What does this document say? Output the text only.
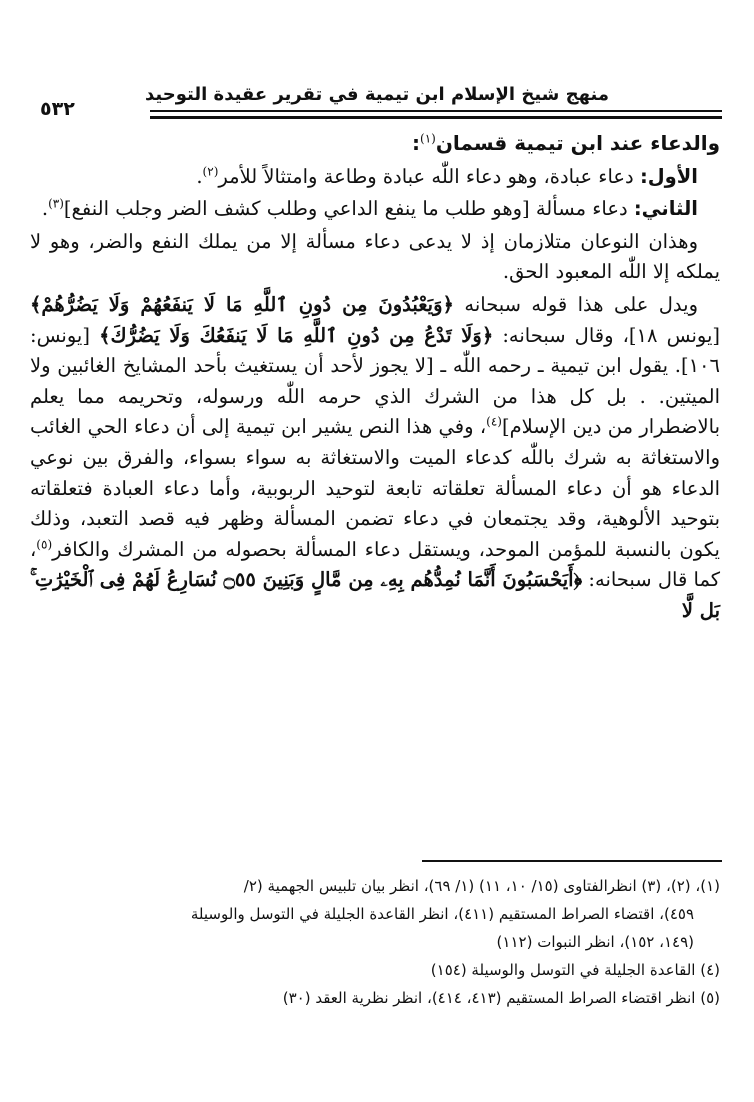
منهج شيخ الإسلام ابن تيمية في تقرير عقيدة التوحيد
٥٣٢

والدعاء عند ابن تيمية قسمان$^{(١)}$:

الأول: دعاء عبادة، وهو دعاء اللّٰه عبادة وطاعة وامتثالاً للأمر$^{(٢)}$.

الثاني: دعاء مسألة [وهو طلب ما ينفع الداعي وطلب كشف الضر وجلب النفع]$^{(٣)}$.

وهذان النوعان متلازمان إذ لا يدعى دعاء مسألة إلا من يملك النفع والضر، وهو لا يملكه إلا اللّٰه المعبود الحق.

ويدل على هذا قوله سبحانه ﴿وَيَعْبُدُونَ مِن دُونِ ٱللَّهِ مَا لَا يَنفَعُهُمْ وَلَا يَضُرُّهُمْ﴾ [يونس ١٨]، وقال سبحانه: ﴿وَلَا تَدْعُ مِن دُونِ ٱللَّهِ مَا لَا يَنفَعُكَ وَلَا يَضُرُّكَ﴾ [يونس: ١٠٦]. يقول ابن تيمية ـ رحمه اللّٰه ـ [لا يجوز لأحد أن يستغيث بأحد المشايخ الغائبين ولا الميتين. . بل كل هذا من الشرك الذي حرمه اللّٰه ورسوله، وتحريمه مما يعلم بالاضطرار من دين الإسلام]$^{(٤)}$، وفي هذا النص يشير ابن تيمية إلى أن دعاء الحي الغائب والاستغاثة به شرك باللّٰه كدعاء الميت والاستغاثة به سواء بسواء، والفرق بين نوعي الدعاء هو أن دعاء المسألة تعلقاته تابعة لتوحيد الربوبية، وأما دعاء العبادة فتعلقاته بتوحيد الألوهية، وقد يجتمعان في دعاء تضمن المسألة وظهر فيه قصد التعبد، وذلك يكون بالنسبة للمؤمن الموحد، ويستقل دعاء المسألة بحصوله من المشرك والكافر$^{(٥)}$، كما قال سبحانه: ﴿أَيَحْسَبُونَ أَنَّمَا نُمِدُّهُم بِهِۦ مِن مَّالٍ وَبَنِينَ ۝٥٥ نُسَارِعُ لَهُمْ فِى ٱلْخَيْرَٰتِ ۚ بَل لَّا

(١)، (٢)، (٣) انظرالفتاوى (١٥/ ١٠، ١١) (١/ ٦٩)، انظر بيان تلبيس الجهمية (٢/

٤٥٩)، اقتضاء الصراط المستقيم (٤١١)، انظر القاعدة الجليلة في التوسل والوسيلة

(١٤٩، ١٥٢)، انظر النبوات (١١٢)

(٤) القاعدة الجليلة في التوسل والوسيلة (١٥٤)

(٥) انظر اقتضاء الصراط المستقيم (٤١٣، ٤١٤)، انظر نظرية العقد (٣٠)
